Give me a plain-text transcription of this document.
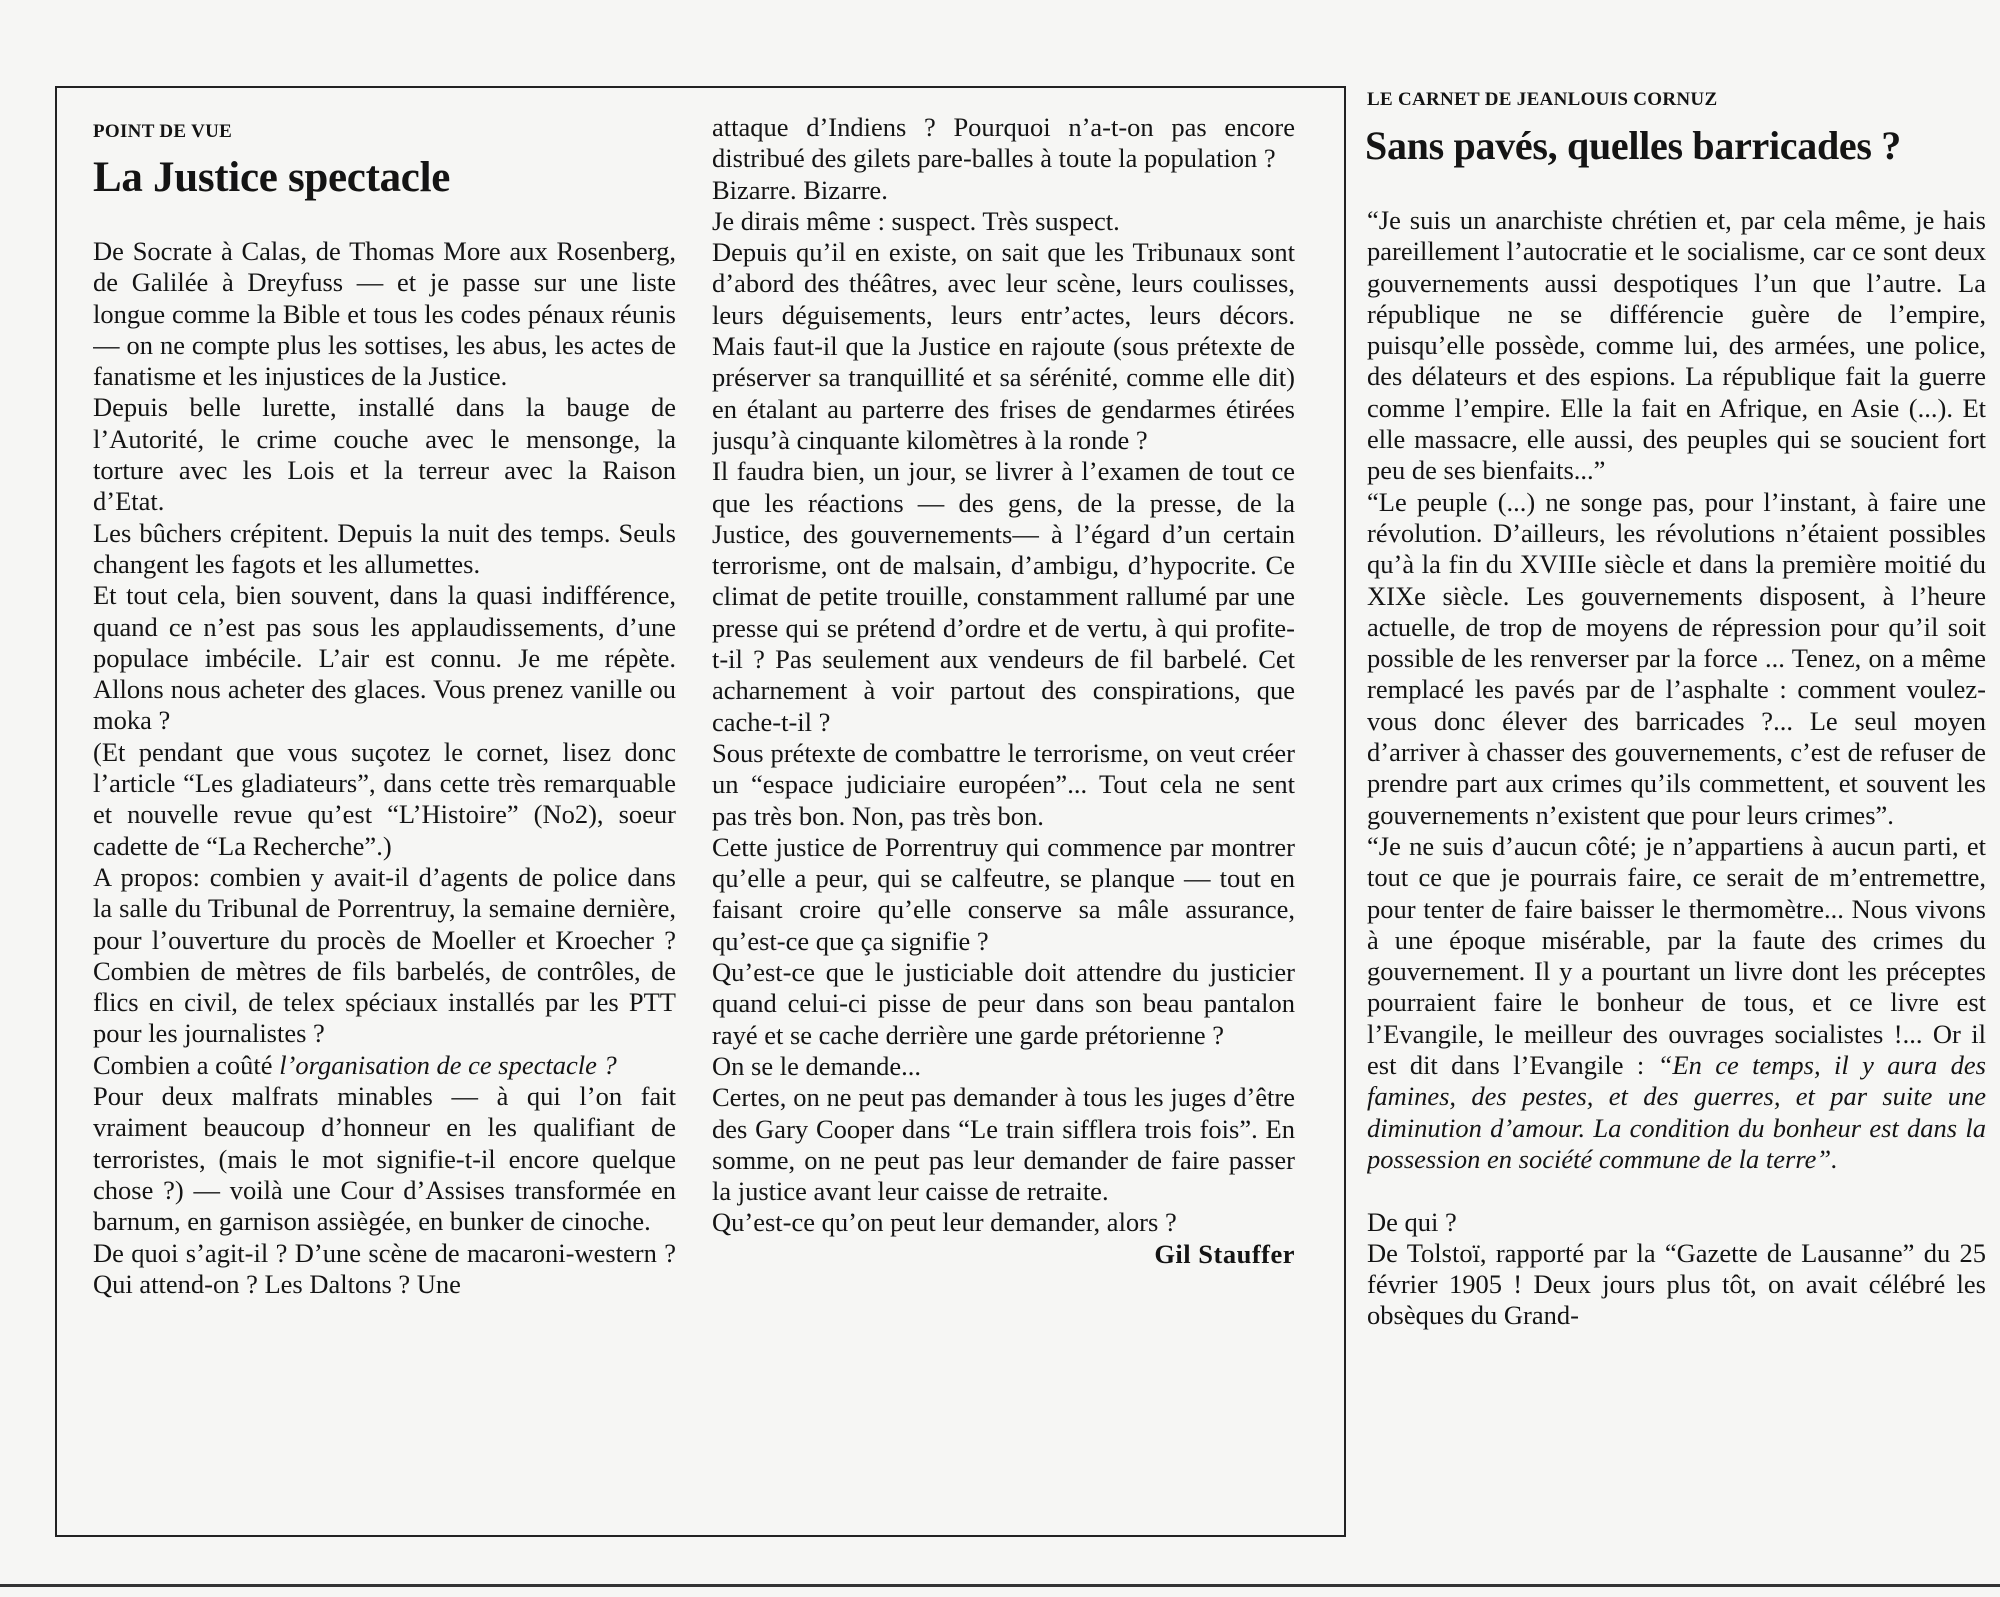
POINT DE VUE
La Justice spectacle

De Socrate à Calas, de Thomas More aux Rosenberg, de Galilée à Dreyfuss — et je passe sur une liste longue comme la Bible et tous les codes pénaux réunis — on ne compte plus les sottises, les abus, les actes de fanatisme et les injustices de la Justice.

Depuis belle lurette, installé dans la bauge de l’Autorité, le crime couche avec le mensonge, la torture avec les Lois et la terreur avec la Raison d’Etat.

Les bûchers crépitent. Depuis la nuit des temps. Seuls changent les fagots et les allumettes.

Et tout cela, bien souvent, dans la quasi indifférence, quand ce n’est pas sous les applaudissements, d’une populace imbécile. L’air est connu. Je me répète. Allons nous acheter des glaces. Vous prenez vanille ou moka ?

(Et pendant que vous suçotez le cornet, lisez donc l’article “Les gladiateurs”, dans cette très remarquable et nouvelle revue qu’est “L’Histoire” (No2), soeur cadette de “La Recherche”.)

A propos: combien y avait-il d’agents de police dans la salle du Tribunal de Porrentruy, la semaine dernière, pour l’ouverture du procès de Moeller et Kroecher ? Combien de mètres de fils barbelés, de contrôles, de flics en civil, de telex spéciaux installés par les PTT pour les journalistes ?

Combien a coûté l’organisation de ce spectacle ?

Pour deux malfrats minables — à qui l’on fait vraiment beaucoup d’honneur en les qualifiant de terroristes, (mais le mot signifie-t-il encore quelque chose ?) — voilà une Cour d’Assises transformée en barnum, en garnison assiègée, en bunker de cinoche.

De quoi s’agit-il ? D’une scène de macaroni-western ? Qui attend-on ? Les Daltons ? Une

attaque d’Indiens ? Pourquoi n’a-t-on pas encore distribué des gilets pare-balles à toute la population ?

Bizarre. Bizarre.

Je dirais même : suspect. Très suspect.

Depuis qu’il en existe, on sait que les Tribunaux sont d’abord des théâtres, avec leur scène, leurs coulisses, leurs déguisements, leurs entr’actes, leurs décors. Mais faut-il que la Justice en rajoute (sous prétexte de préserver sa tranquillité et sa sérénité, comme elle dit) en étalant au parterre des frises de gendarmes étirées jusqu’à cinquante kilomètres à la ronde ?

Il faudra bien, un jour, se livrer à l’examen de tout ce que les réactions — des gens, de la presse, de la Justice, des gouvernements— à l’égard d’un certain terrorisme, ont de malsain, d’ambigu, d’hypocrite. Ce climat de petite trouille, constamment rallumé par une presse qui se prétend d’ordre et de vertu, à qui profite-t-il ? Pas seulement aux vendeurs de fil barbelé. Cet acharnement à voir partout des conspirations, que cache-t-il ?

Sous prétexte de combattre le terrorisme, on veut créer un “espace judiciaire européen”... Tout cela ne sent pas très bon. Non, pas très bon.

Cette justice de Porrentruy qui commence par montrer qu’elle a peur, qui se calfeutre, se planque — tout en faisant croire qu’elle conserve sa mâle assurance, qu’est-ce que ça signifie ?

Qu’est-ce que le justiciable doit attendre du justicier quand celui-ci pisse de peur dans son beau pantalon rayé et se cache derrière une garde prétorienne ?

On se le demande...

Certes, on ne peut pas demander à tous les juges d’être des Gary Cooper dans “Le train sifflera trois fois”. En somme, on ne peut pas leur demander de faire passer la justice avant leur caisse de retraite.

Qu’est-ce qu’on peut leur demander, alors ?

Gil Stauffer

LE CARNET DE JEANLOUIS CORNUZ
Sans pavés, quelles barricades ?

“Je suis un anarchiste chrétien et, par cela même, je hais pareillement l’autocratie et le socialisme, car ce sont deux gouvernements aussi despotiques l’un que l’autre. La république ne se différencie guère de l’empire, puisqu’elle possède, comme lui, des armées, une police, des délateurs et des espions. La république fait la guerre comme l’empire. Elle la fait en Afrique, en Asie (...). Et elle massacre, elle aussi, des peuples qui se soucient fort peu de ses bienfaits...”

“Le peuple (...) ne songe pas, pour l’instant, à faire une révolution. D’ailleurs, les révolutions n’étaient possibles qu’à la fin du XVIIIe siècle et dans la première moitié du XIXe siècle. Les gouvernements disposent, à l’heure actuelle, de trop de moyens de répression pour qu’il soit possible de les renverser par la force ... Tenez, on a même remplacé les pavés par de l’asphalte : comment voulez-vous donc élever des barricades ?... Le seul moyen d’arriver à chasser des gouvernements, c’est de refuser de prendre part aux crimes qu’ils commettent, et souvent les gouvernements n’existent que pour leurs crimes”.

“Je ne suis d’aucun côté; je n’appartiens à aucun parti, et tout ce que je pourrais faire, ce serait de m’entremettre, pour tenter de faire baisser le thermomètre... Nous vivons à une époque misérable, par la faute des crimes du gouvernement. Il y a pourtant un livre dont les préceptes pourraient faire le bonheur de tous, et ce livre est l’Evangile, le meilleur des ouvrages socialistes !... Or il est dit dans l’Evangile : “En ce temps, il y aura des famines, des pestes, et des guerres, et par suite une diminution d’amour. La condition du bonheur est dans la possession en société commune de la terre”.

De qui ?

De Tolstoï, rapporté par la “Gazette de Lausanne” du 25 février 1905 ! Deux jours plus tôt, on avait célébré les obsèques du Grand-
